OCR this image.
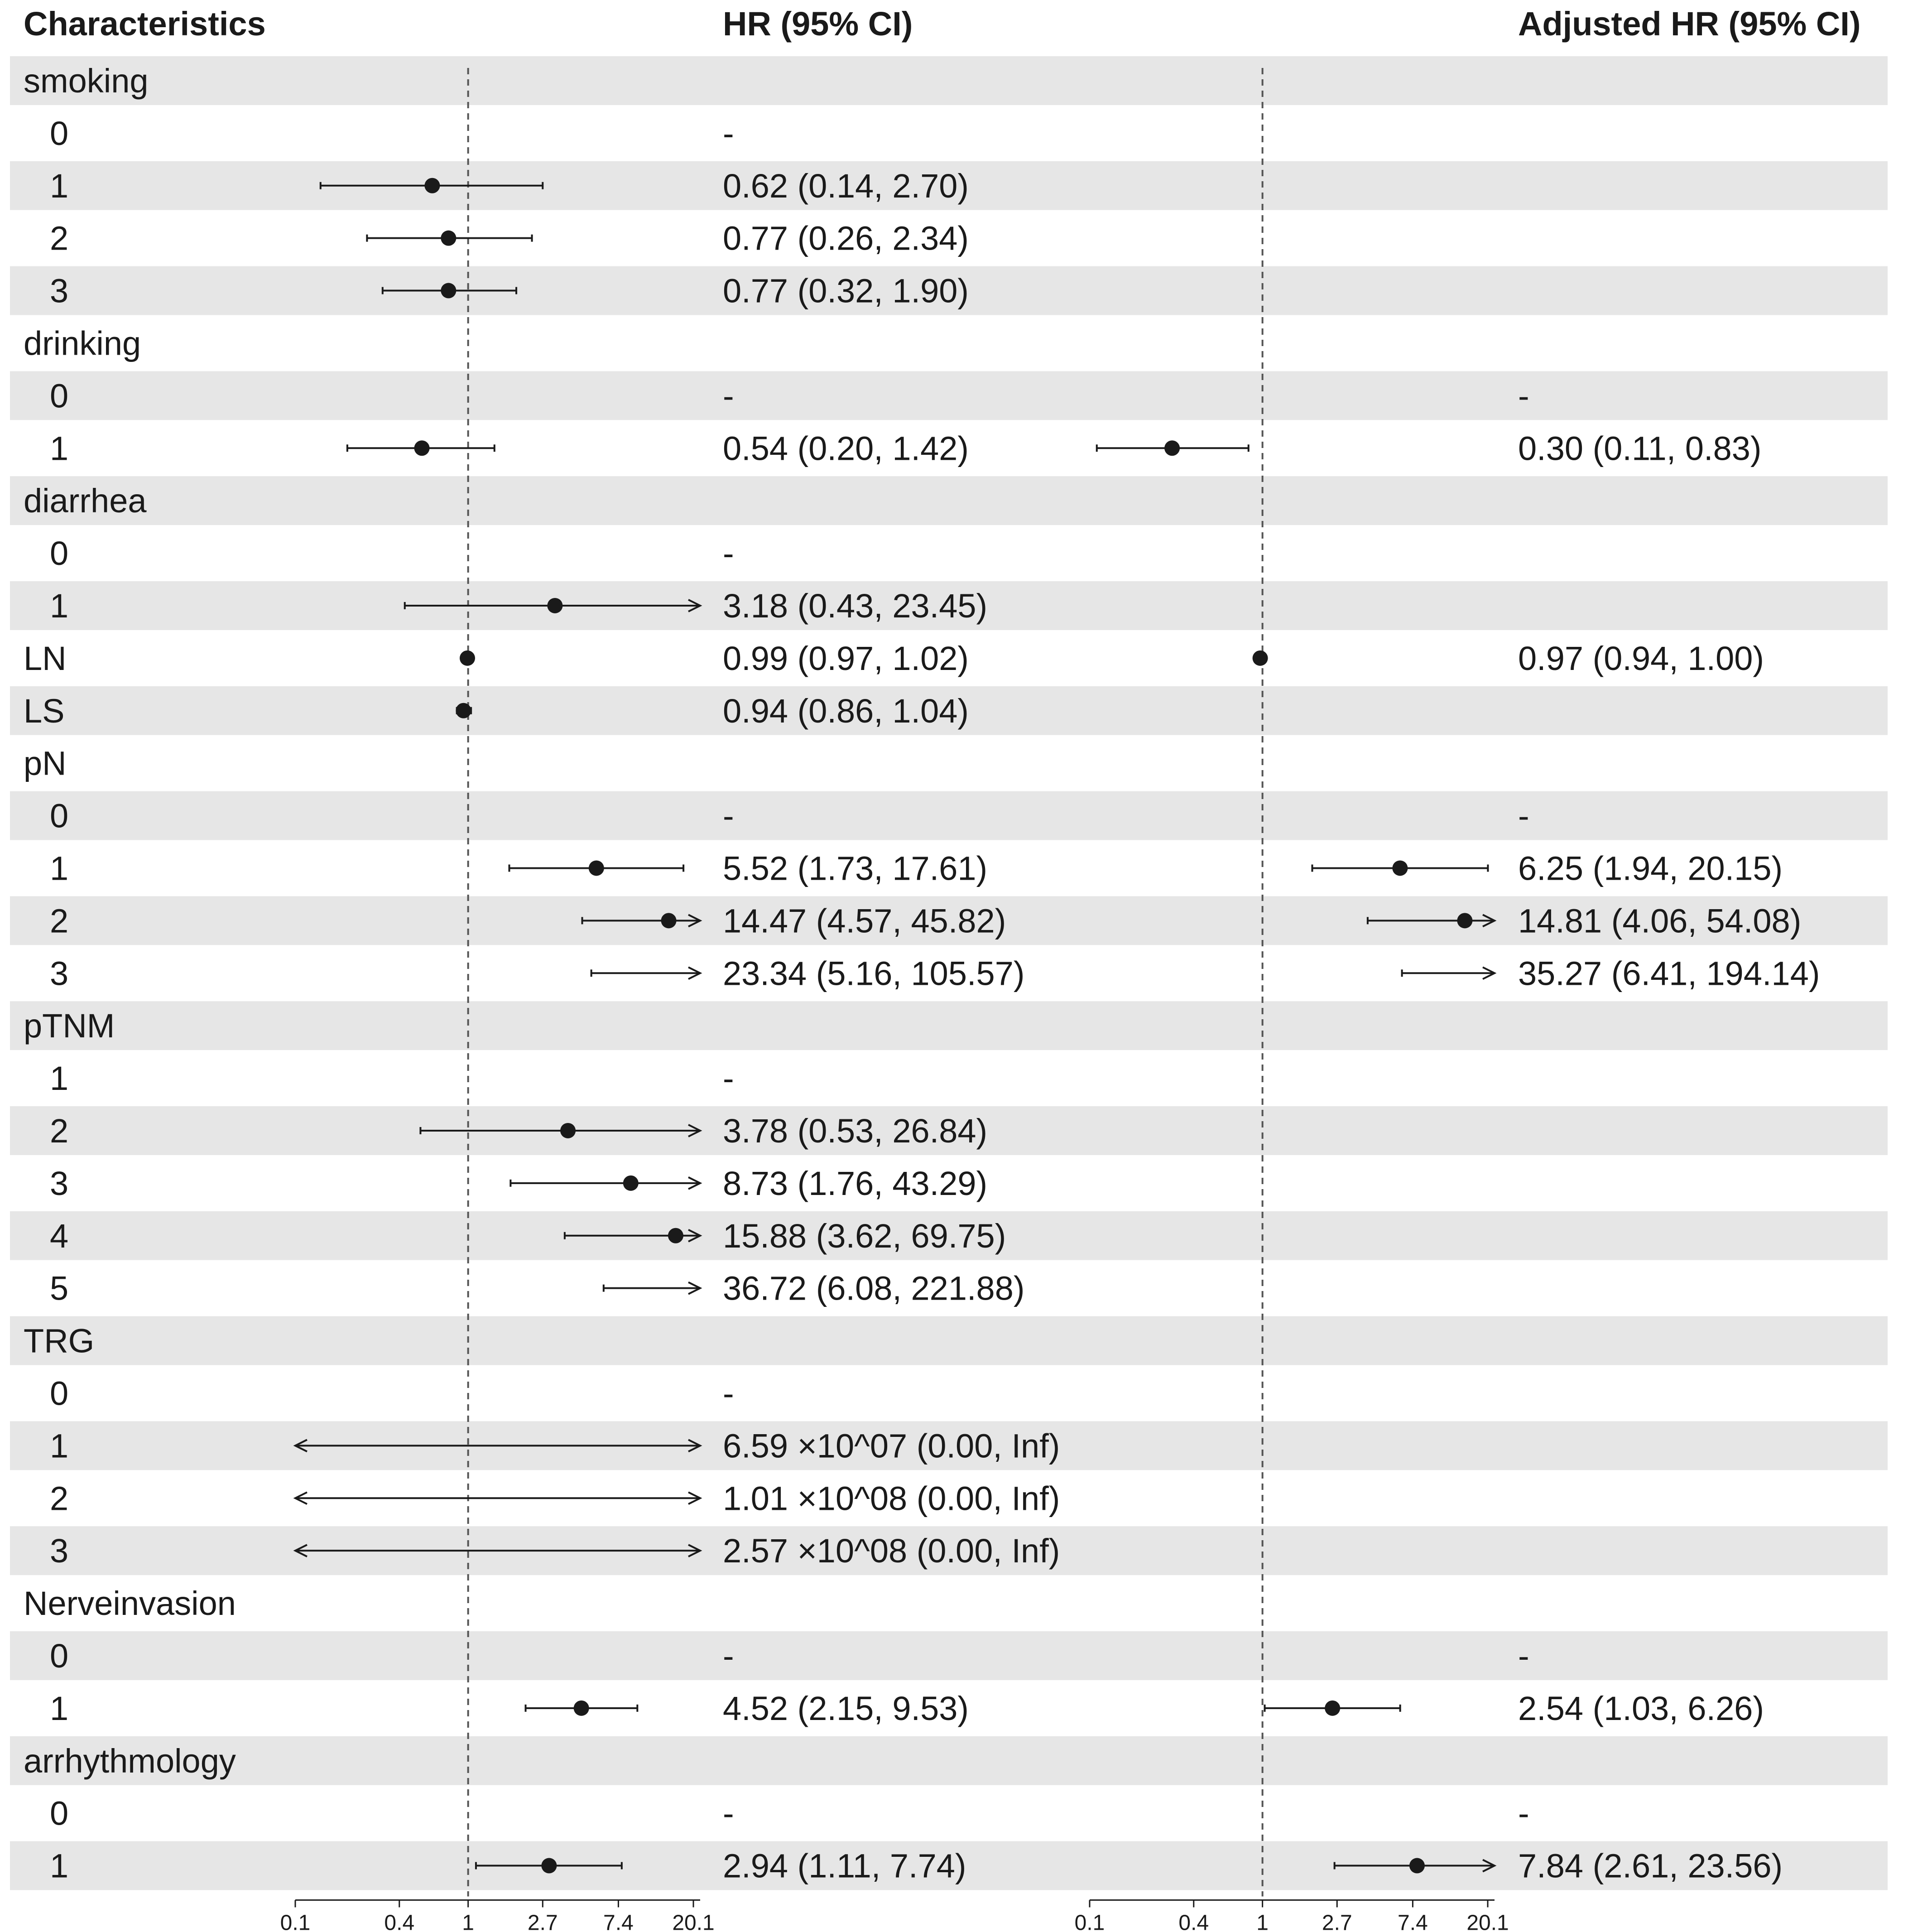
smoking
0	-
1	0.62 (0.14, 2.70)
2	0.77 (0.26, 2.34)
3	0.77 (0.32, 1.90)
drinking
0	-	-
1	0.54 (0.20, 1.42)	0.30 (0.11, 0.83)
diarrhea
0	-
1	3.18 (0.43, 23.45)
LN	0.99 (0.97, 1.02)	0.97 (0.94, 1.00)
LS	0.94 (0.86, 1.04)
pN
0	-	-
1	5.52 (1.73, 17.61)	6.25 (1.94, 20.15)
2	14.47 (4.57, 45.82)	14.81 (4.06, 54.08)
3	23.34 (5.16, 105.57)	35.27 (6.41, 194.14)
pTNM
1	-
2	3.78 (0.53, 26.84)
3	8.73 (1.76, 43.29)
4	15.88 (3.62, 69.75)
5	36.72 (6.08, 221.88)
TRG
0	-
1	6.59 ×10^07 (0.00, Inf)
2	1.01 ×10^08 (0.00, Inf)
3	2.57 ×10^08 (0.00, Inf)
Nerveinvasion
0	-	-
1	4.52 (2.15, 9.53)	2.54 (1.03, 6.26)
arrhythmology
0	-	-
1	2.94 (1.11, 7.74)	7.84 (2.61, 23.56)
0.1	0.4 1 2.7 7.4 20.1	0.1	0.4 1 2.7 7.4 20.1
Characteristics	HR (95% CI)	Adjusted HR (95% CI)
